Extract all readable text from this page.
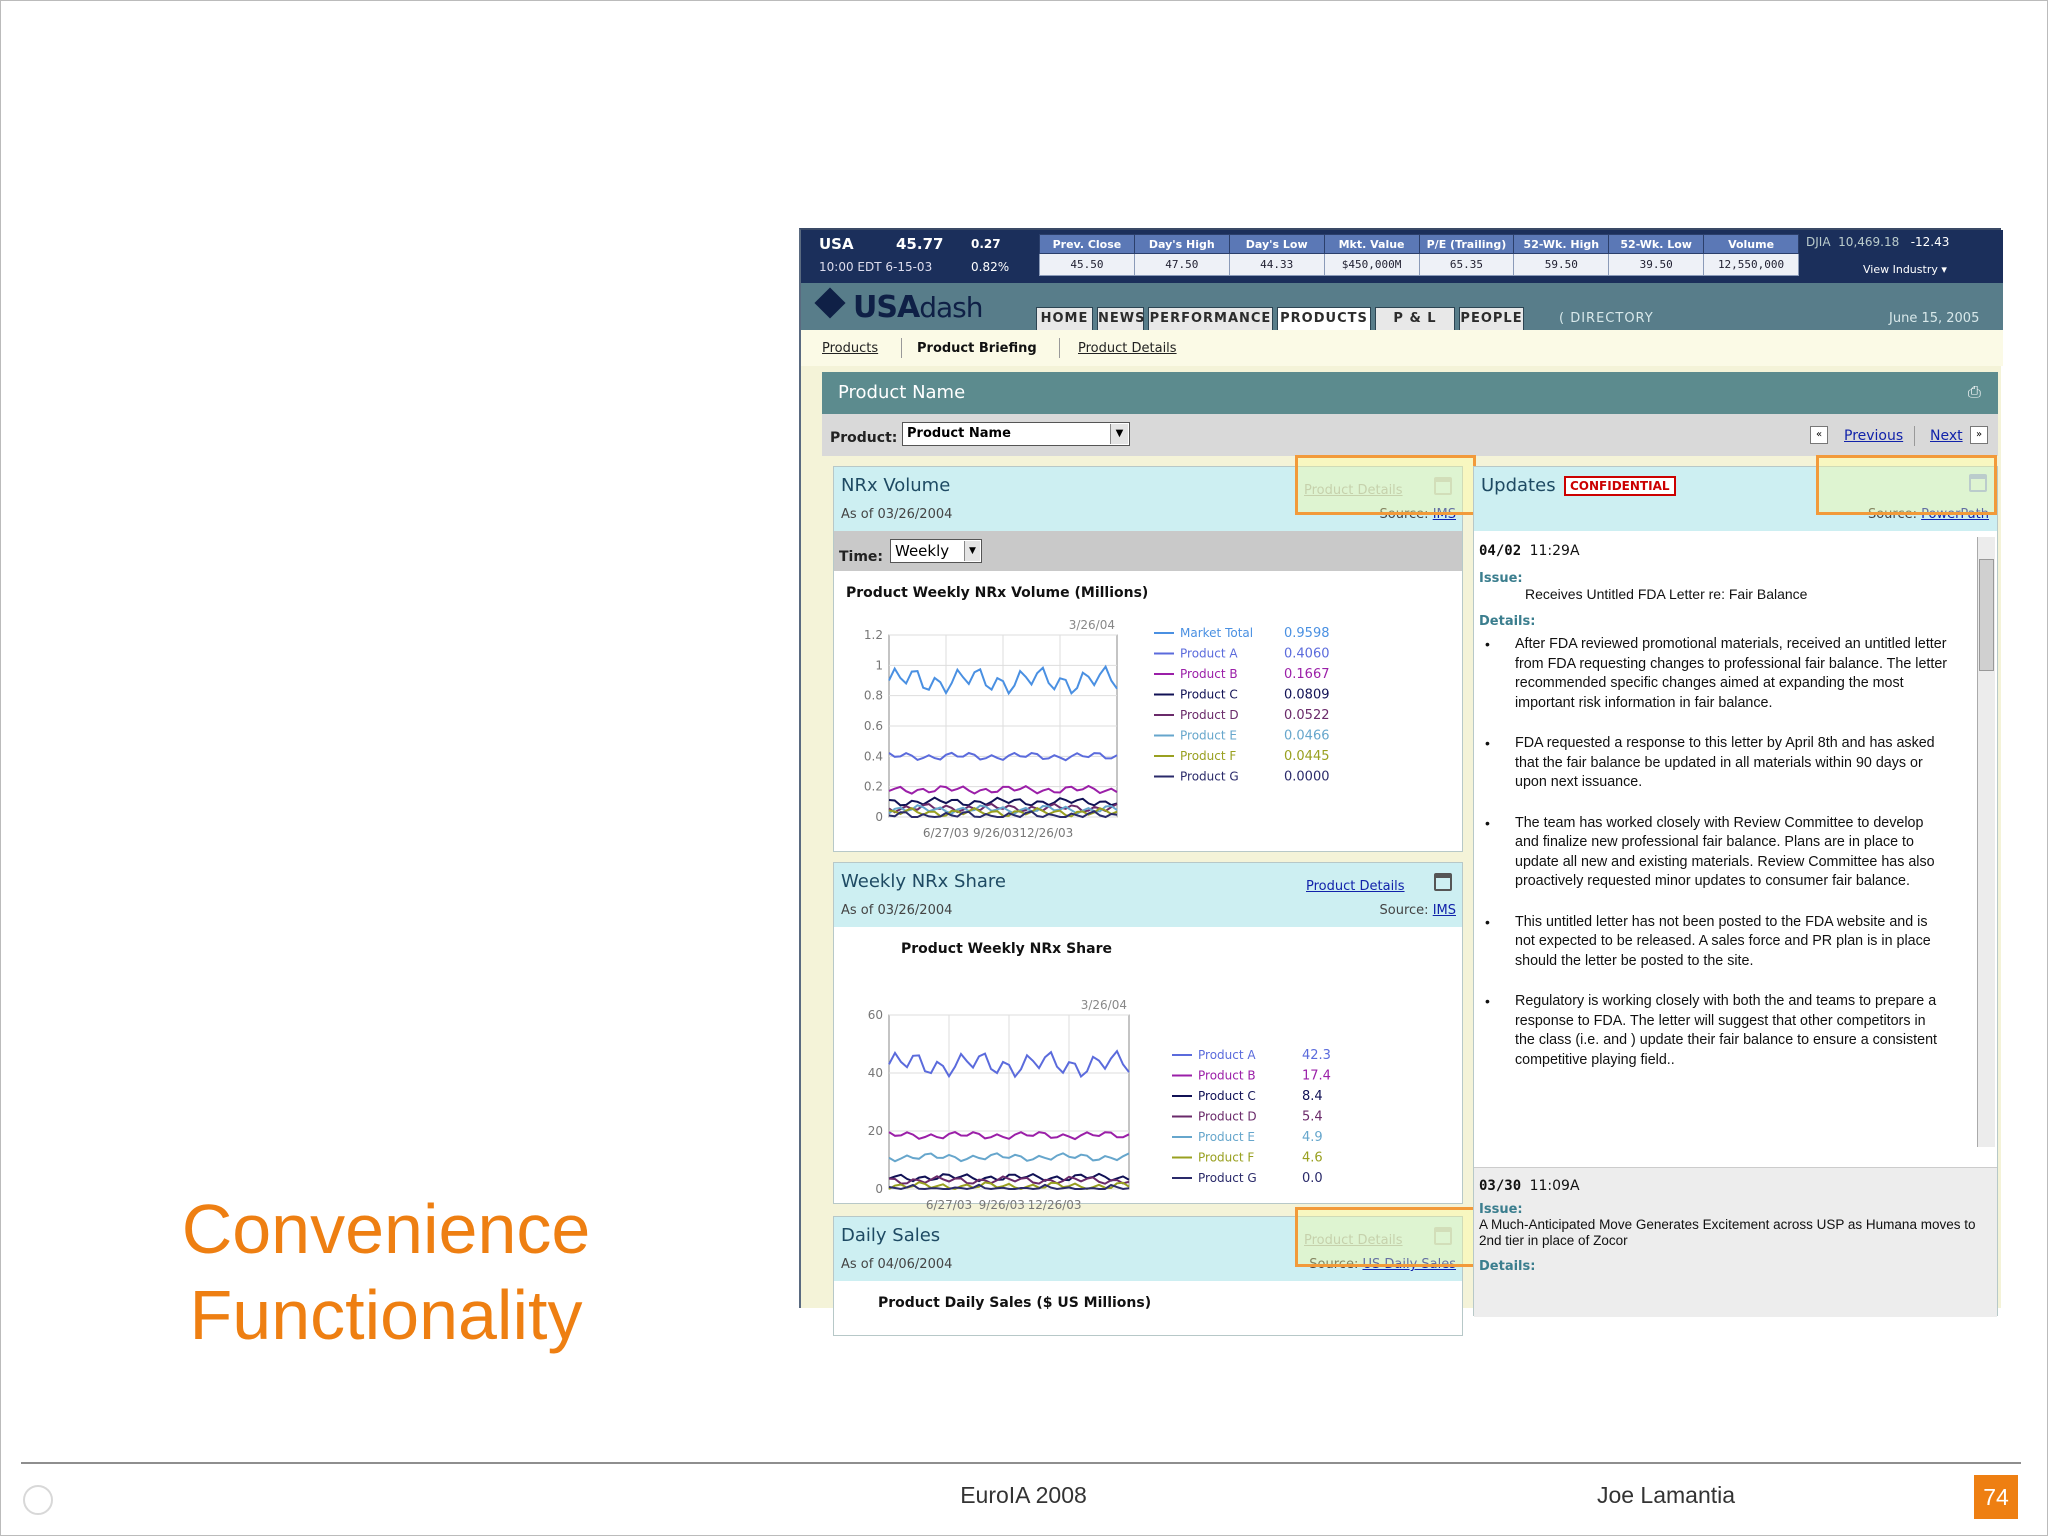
USA	45.77 0.27
10:00 EDT 6-15-03	0.82%
Prev. Close	Day's High	Day's Low	Mkt. Value	P/E (Trailing)	52-Wk. High	52-Wk. Low	Volume
45.50	47.50	44.33	$450,000M	65.35	59.50	39.50	12,550,000
DJIA 10,469.18 -12.43
View Industry ▾
USAdash	HOME NEWS PERFORMANCE PRODUCTS	P & L	PEOPLE	( DIRECTORY	June 15, 2005
Products	Product Briefing	Product Details
Product Name	⎙
Product: Product Name	▼	«	Previous Next	»
NRx Volume
As of 03/26/2004
Product Details
Source: IMS
Time: Weekly	▼
Product Weekly NRx Volume (Millions)
1.2
1
0.8
0.6
0.4
0.2
0
6/27/03 9/26/03 12/26/03
3/26/04
Market Total 0.9598
Product A	0.4060
Product B	0.1667
Product C	0.0809
Product D	0.0522
Product E	0.0466
Product F	0.0445
Product G	0.0000
Weekly NRx Share
As of 03/26/2004
Product Details
Source: IMS
Product Weekly NRx Share
60
40
20
0
6/27/03 9/26/03 12/26/03
3/26/04
Product A	42.3
Product B	17.4
Product C	8.4
Product D	5.4
Product E	4.9
Product F	4.6
Product G	0.0
Daily Sales
As of 04/06/2004
Product Details
Source: US Daily Sales
Product Daily Sales ($ US Millions)
Updates	CONFIDENTIAL
Source: PowerPath
04/02 11:29A
Issue:
Receives Untitled FDA Letter re: Fair Balance
Details:
• After FDA reviewed promotional materials, received an untitled letter from FDA requesting changes to professional fair balance. The letter recommended specific changes aimed at expanding the most important risk information in fair balance.
• FDA requested a response to this letter by April 8th and has asked that the fair balance be updated in all materials within 90 days or upon next issuance.
• The team has worked closely with Review Committee to develop and finalize new professional fair balance. Plans are in place to update all new and existing materials. Review Committee has also proactively requested minor updates to consumer fair balance.
• This untitled letter has not been posted to the FDA website and is not expected to be released. A sales force and PR plan is in place should the letter be posted to the site.
• Regulatory is working closely with both the and teams to prepare a response to FDA. The letter will suggest that other competitors in the class (i.e. and ) update their fair balance to ensure a consistent competitive playing field..
03/30 11:09A
Issue:
A Much-Anticipated Move Generates Excitement across USP as Humana moves to 2nd tier in place of Zocor
Details:
Convenience
Functionality
EuroIA 2008	Joe Lamantia	74
